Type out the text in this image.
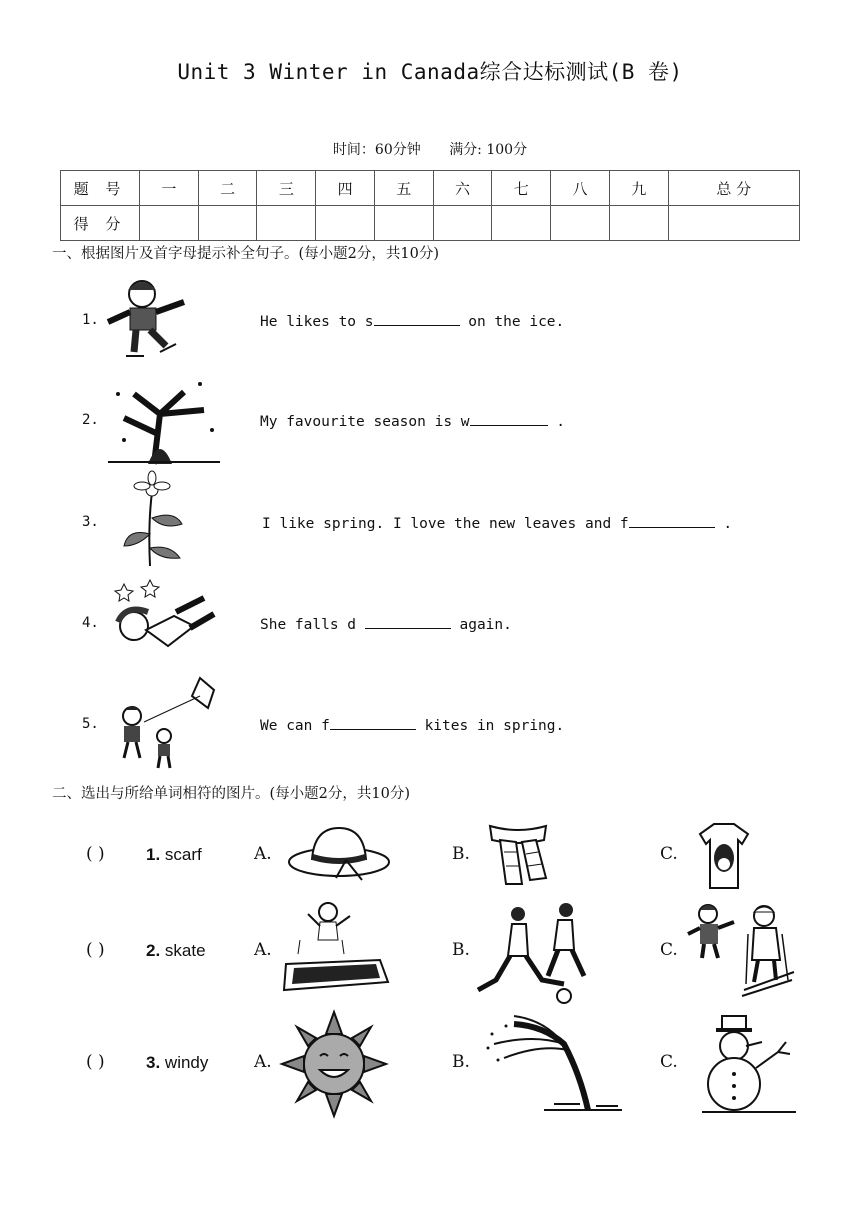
Unit 3 Winter in Canada综合达标测试(B 卷)
时间：60分钟 满分: 100分
题 号	一	二	三	四	五	六	七	八	九	总 分
得 分										
一、根据图片及首字母提示补全句子。(每小题2分，共10分)
1.	He likes to s	on the ice.
2.	My favourite season is w	.
3.	I like spring. I love the new leaves and f	.
4.	She falls d	again.
5.	We can f	kites in spring.
二、选出与所给单词相符的图片。(每小题2分，共10分)
( ) 1. scarf	A.	B.	C.
( ) 2. skate	A.	B.	C.
( ) 3. windy	A.	B.	C.
